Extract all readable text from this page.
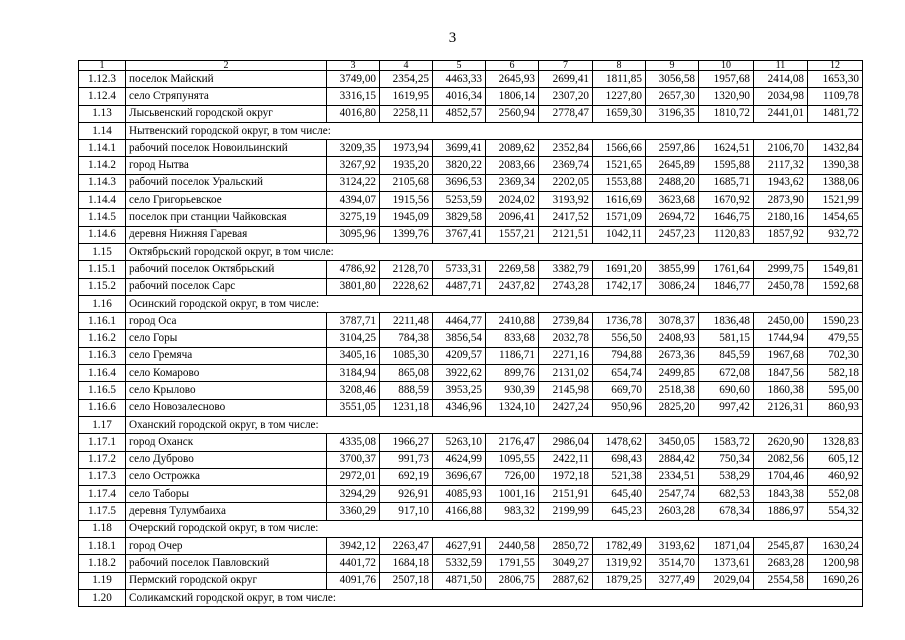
3
1	2	3	4	5	6	7	8	9	10	11	12
1.12.3	поселок Майский	3749,00	2354,25	4463,33	2645,93	2699,41	1811,85	3056,58	1957,68	2414,08	1653,30
1.12.4	село Стряпунята	3316,15	1619,95	4016,34	1806,14	2307,20	1227,80	2657,30	1320,90	2034,98	1109,78
1.13	Лысьвенский городской округ	4016,80	2258,11	4852,57	2560,94	2778,47	1659,30	3196,35	1810,72	2441,01	1481,72
1.14	Нытвенский городской округ, в том числе:										
1.14.1	рабочий поселок Новоильинский	3209,35	1973,94	3699,41	2089,62	2352,84	1566,66	2597,86	1624,51	2106,70	1432,84
1.14.2	город Нытва	3267,92	1935,20	3820,22	2083,66	2369,74	1521,65	2645,89	1595,88	2117,32	1390,38
1.14.3	рабочий поселок Уральский	3124,22	2105,68	3696,53	2369,34	2202,05	1553,88	2488,20	1685,71	1943,62	1388,06
1.14.4	село Григорьевское	4394,07	1915,56	5253,59	2024,02	3193,92	1616,69	3623,68	1670,92	2873,90	1521,99
1.14.5	поселок при станции Чайковская	3275,19	1945,09	3829,58	2096,41	2417,52	1571,09	2694,72	1646,75	2180,16	1454,65
1.14.6	деревня Нижняя Гаревая	3095,96	1399,76	3767,41	1557,21	2121,51	1042,11	2457,23	1120,83	1857,92	932,72
1.15	Октябрьский городской округ, в том числе:										
1.15.1	рабочий поселок Октябрьский	4786,92	2128,70	5733,31	2269,58	3382,79	1691,20	3855,99	1761,64	2999,75	1549,81
1.15.2	рабочий поселок Сарс	3801,80	2228,62	4487,71	2437,82	2743,28	1742,17	3086,24	1846,77	2450,78	1592,68
1.16	Осинский городской округ, в том числе:										
1.16.1	город Оса	3787,71	2211,48	4464,77	2410,88	2739,84	1736,78	3078,37	1836,48	2450,00	1590,23
1.16.2	село Горы	3104,25	784,38	3856,54	833,68	2032,78	556,50	2408,93	581,15	1744,94	479,55
1.16.3	село Гремяча	3405,16	1085,30	4209,57	1186,71	2271,16	794,88	2673,36	845,59	1967,68	702,30
1.16.4	село Комарово	3184,94	865,08	3922,62	899,76	2131,02	654,74	2499,85	672,08	1847,56	582,18
1.16.5	село Крылово	3208,46	888,59	3953,25	930,39	2145,98	669,70	2518,38	690,60	1860,38	595,00
1.16.6	село Новозалесново	3551,05	1231,18	4346,96	1324,10	2427,24	950,96	2825,20	997,42	2126,31	860,93
1.17	Оханский городской округ, в том числе:										
1.17.1	город Оханск	4335,08	1966,27	5263,10	2176,47	2986,04	1478,62	3450,05	1583,72	2620,90	1328,83
1.17.2	село Дуброво	3700,37	991,73	4624,99	1095,55	2422,11	698,43	2884,42	750,34	2082,56	605,12
1.17.3	село Острожка	2972,01	692,19	3696,67	726,00	1972,18	521,38	2334,51	538,29	1704,46	460,92
1.17.4	село Таборы	3294,29	926,91	4085,93	1001,16	2151,91	645,40	2547,74	682,53	1843,38	552,08
1.17.5	деревня Тулумбаиха	3360,29	917,10	4166,88	983,32	2199,99	645,23	2603,28	678,34	1886,97	554,32
1.18	Очерский городской округ, в том числе:										
1.18.1	город Очер	3942,12	2263,47	4627,91	2440,58	2850,72	1782,49	3193,62	1871,04	2545,87	1630,24
1.18.2	рабочий поселок Павловский	4401,72	1684,18	5332,59	1791,55	3049,27	1319,92	3514,70	1373,61	2683,28	1200,98
1.19	Пермский городской округ	4091,76	2507,18	4871,50	2806,75	2887,62	1879,25	3277,49	2029,04	2554,58	1690,26
1.20	Соликамский городской округ, в том числе:										
